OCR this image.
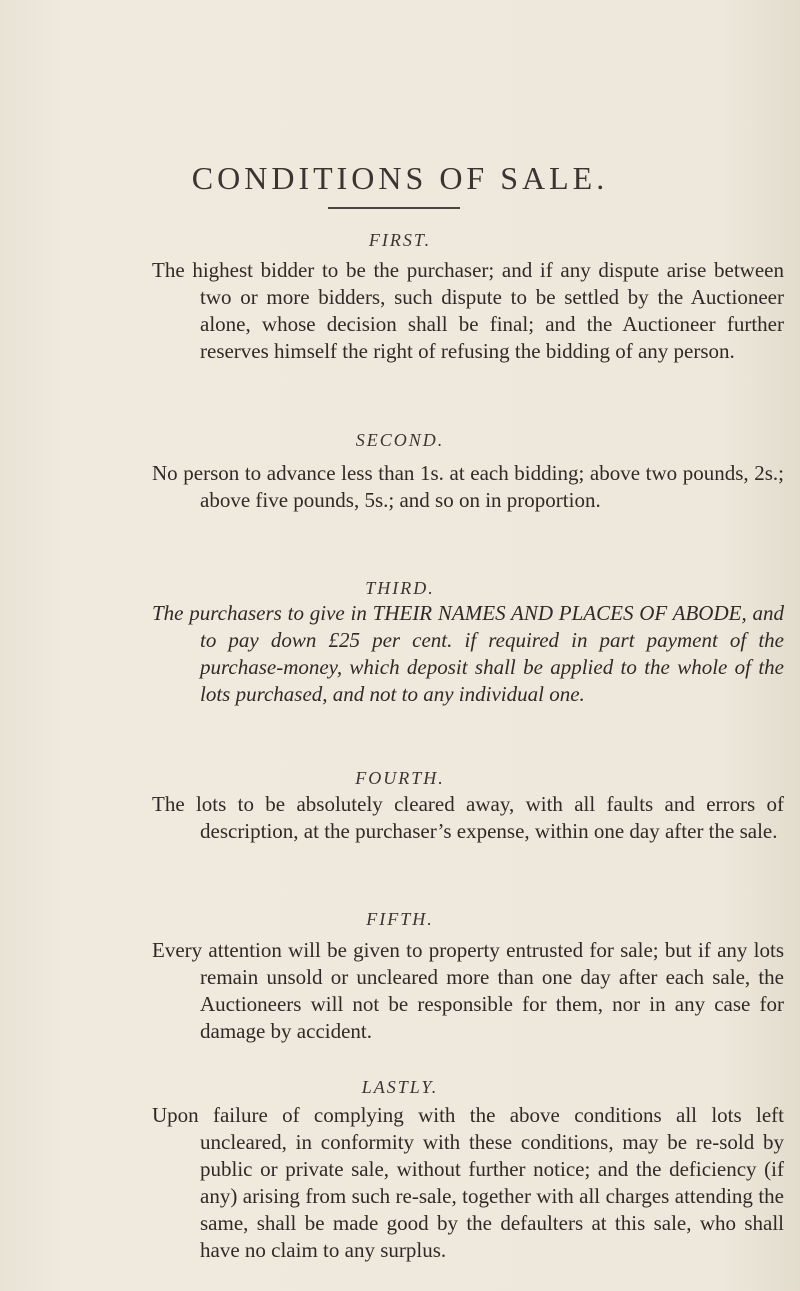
CONDITIONS OF SALE.
FIRST.
The highest bidder to be the purchaser; and if any dispute arise between two or more bidders, such dispute to be settled by the Auctioneer alone, whose decision shall be final; and the Auctioneer further reserves himself the right of refusing the bidding of any person.
SECOND.
No person to advance less than 1s. at each bidding; above two pounds, 2s.; above five pounds, 5s.; and so on in proportion.
THIRD.
The purchasers to give in THEIR NAMES AND PLACES OF ABODE, and to pay down £25 per cent. if required in part payment of the purchase-money, which deposit shall be applied to the whole of the lots purchased, and not to any individual one.
FOURTH.
The lots to be absolutely cleared away, with all faults and errors of description, at the purchaser’s expense, within one day after the sale.
FIFTH.
Every attention will be given to property entrusted for sale; but if any lots remain unsold or uncleared more than one day after each sale, the Auctioneers will not be responsible for them, nor in any case for damage by accident.
LASTLY.
Upon failure of complying with the above conditions all lots left uncleared, in conformity with these conditions, may be re-sold by public or private sale, without further notice; and the deficiency (if any) arising from such re-sale, together with all charges attending the same, shall be made good by the defaulters at this sale, who shall have no claim to any surplus.
